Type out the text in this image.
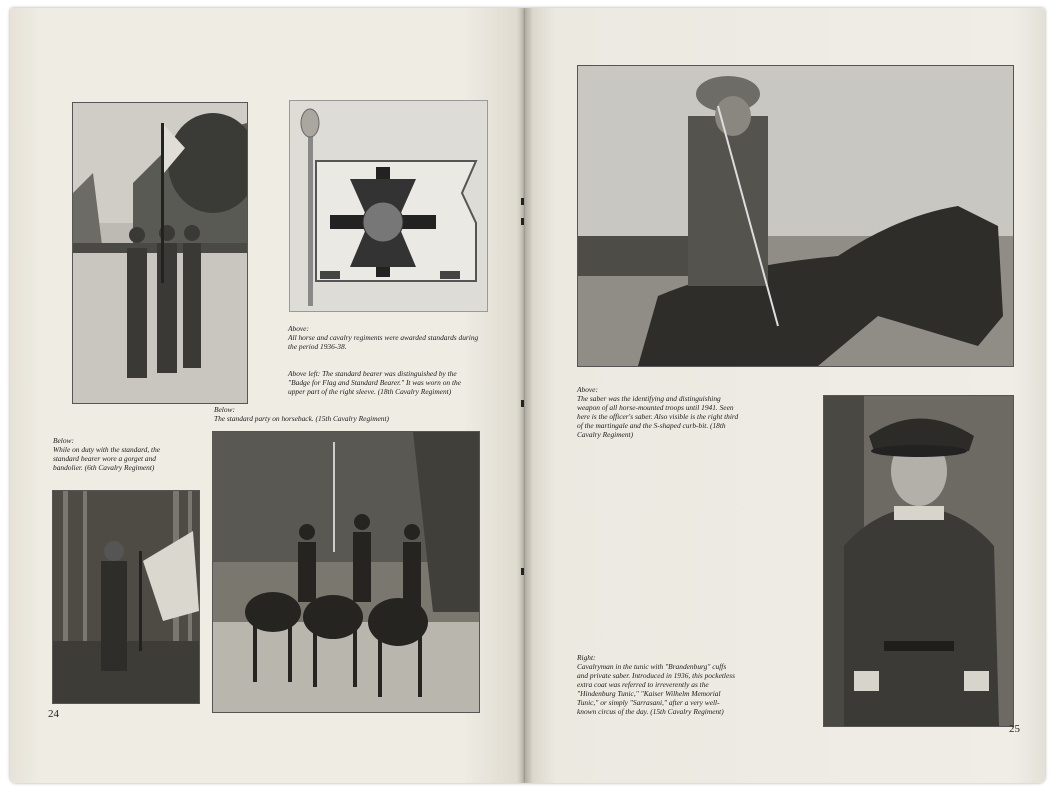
Above:

All horse and cavalry regiments were awarded standards during

the period 1936-38.

Above left: The standard bearer was distinguished by the

"Badge for Flag and Standard Bearer." It was worn on the

upper part of the right sleeve. (18th Cavalry Regiment)

Below:

The standard party on horseback. (15th Cavalry Regiment)

Below:

While on duty with the standard, the

standard bearer wore a gorget and

bandolier. (6th Cavalry Regiment)

24

Above:

The saber was the identifying and distinguishing

weapon of all horse-mounted troops until 1941. Seen

here is the officer's saber. Also visible is the right third

of the martingale and the S-shaped curb-bit. (18th

Cavalry Regiment)

Right:

Cavalryman in the tunic with "Brandenburg" cuffs

and private saber. Introduced in 1936, this pocketless

extra coat was referred to irreverently as the

"Hindenburg Tunic," "Kaiser Wilhelm Memorial

Tunic," or simply "Sarrasani," after a very well-

known circus of the day. (15th Cavalry Regiment)

25
